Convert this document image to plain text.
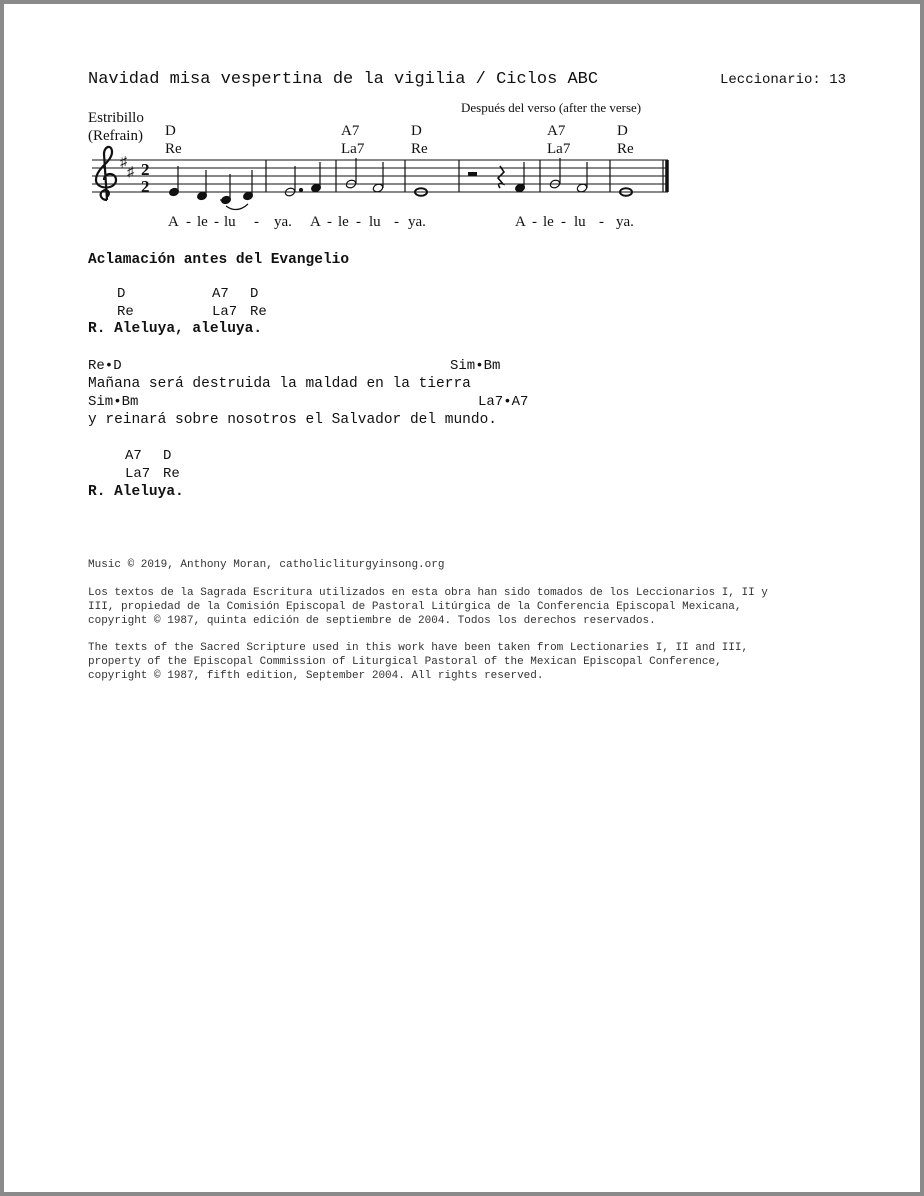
Navidad misa vespertina de la vigilia / Ciclos ABC	Leccionario: 13
Estribillo
(Refrain)
Después del verso (after the verse)
D
Re
A7
La7
D
Re
A7
La7
D
Re
♯
♯ 2
2
A - le - lu - ya. A - le - lu - ya.	A - le - lu - ya.
Aclamación antes del Evangelio
D	A7 D
Re	La7 Re
R. Aleluya, aleluya.
Re•D	Sim•Bm
Mañana será destruida la maldad en la tierra
Sim•Bm	La7•A7
y reinará sobre nosotros el Salvador del mundo.
A7 D
La7 Re
R. Aleluya.
Music © 2019, Anthony Moran, catholicliturgyinsong.org
Los textos de la Sagrada Escritura utilizados en esta obra han sido tomados de los Leccionarios I, II y
III, propiedad de la Comisión Episcopal de Pastoral Litúrgica de la Conferencia Episcopal Mexicana,
copyright © 1987, quinta edición de septiembre de 2004. Todos los derechos reservados.
The texts of the Sacred Scripture used in this work have been taken from Lectionaries I, II and III,
property of the Episcopal Commission of Liturgical Pastoral of the Mexican Episcopal Conference,
copyright © 1987, fifth edition, September 2004. All rights reserved.
